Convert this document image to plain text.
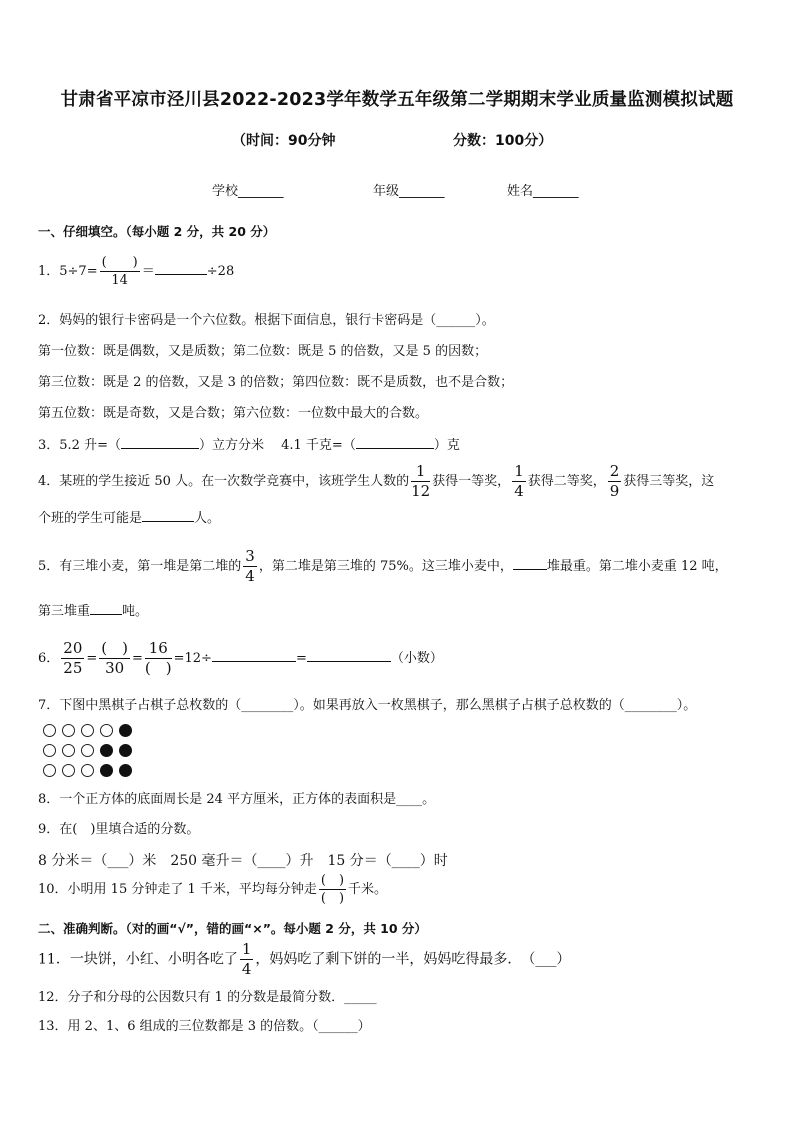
甘肃省平凉市泾川县2022-2023学年数学五年级第二学期期末学业质量监测模拟试题
（时间：90分钟	分数：100分）
学校_______	年级_______	姓名_______
一、仔细填空。（每小题 2 分，共 20 分）
1．$5\div 7= \frac{( )}{14}$ ＝	÷28
2．妈妈的银行卡密码是一个六位数。根据下面信息，银行卡密码是（______）。
第一位数：既是偶数，又是质数；第二位数：既是 5 的倍数，又是 5 的因数；
第三位数：既是 2 的倍数，又是 3 的倍数；第四位数：既不是质数，也不是合数；
第五位数：既是奇数，又是合数；第六位数：一位数中最大的合数。
3．5.2 升=（	）立方分米　 4.1 千克=（	）克
4．某班的学生接近 50 人。在一次数学竞赛中，该班学生人数的 $\frac{1}{12}$ 获得一等奖， $\frac{1}{4}$ 获得二等奖， $\frac{2}{9}$ 获得三等奖，这
个班的学生可能是	人。
5．有三堆小麦，第一堆是第二堆的 $\frac{3}{4}$ ，第二堆是第三堆的 75%。这三堆小麦中，	堆最重。第二堆小麦重 12 吨，
第三堆重 吨。
6． $\frac{20}{25} = \frac{( )}{30} = \frac{16}{( )} =12\div$	=	（小数）
7．下图中黑棋子占棋子总枚数的（________）。如果再放入一枚黑棋子，那么黑棋子占棋子总枚数的（________）。
8．一个正方体的底面周长是 24 平方厘米，正方体的表面积是____。
9．在(　)里填合适的分数。
8 分米＝（___）米　250 毫升＝（____）升　15 分＝（____）时
10．小明用 15 分钟走了 1 千米，平均每分钟走 $\frac{( )}{( )}$ 千米。
二、准确判断。（对的画“√”，错的画“×”。每小题 2 分，共 10 分）
11．一块饼，小红、小明各吃了 $\frac{1}{4}$ ，妈妈吃了剩下饼的一半，妈妈吃得最多．　（___）
12．分子和分母的公因数只有 1 的分数是最简分数．_____
13．用 2、1、6 组成的三位数都是 3 的倍数。（______）
